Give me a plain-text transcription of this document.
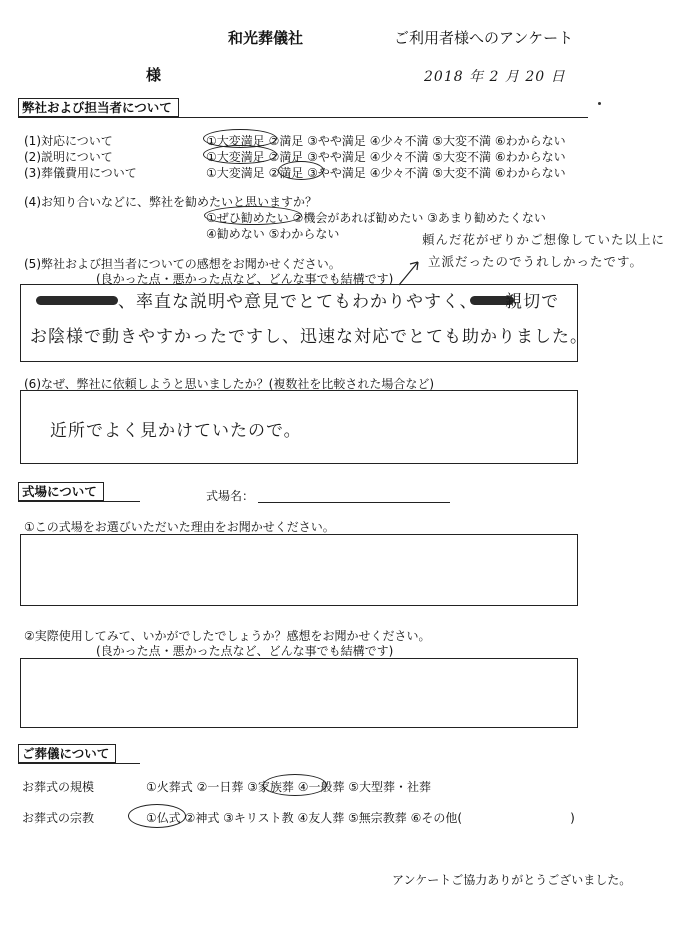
和光葬儀社	ご利用者様へのアンケート
様	2018 年 2 月 20 日
弊社および担当者について
(1)対応について	①大変満足 ②満足 ③やや満足 ④少々不満 ⑤大変不満 ⑥わからない
(2)説明について	①大変満足 ②満足 ③やや満足 ④少々不満 ⑤大変不満 ⑥わからない
(3)葬儀費用について	①大変満足 ②満足 ③やや満足 ④少々不満 ⑤大変不満 ⑥わからない
(4)お知り合いなどに、弊社を勧めたいと思いますか？
①ぜひ勧めたい ②機会があれば勧めたい ③あまり勧めたくない
④勧めない ⑤わからない
(5)弊社および担当者についての感想をお聞かせください。
(良かった点・悪かった点など、どんな事でも結構です)
頼んだ花がぜりかご想像していた以上に
立派だったのでうれしかったです。
、率直な説明や意見でとてもわかりやすく、　　親切で
お陰様で動きやすかったですし、迅速な対応でとても助かりました。
(6)なぜ、弊社に依頼しようと思いましたか？(複数社を比較された場合など)
近所でよく見かけていたので。
式場について	式場名：
①この式場をお選びいただいた理由をお聞かせください。
②実際使用してみて、いかがでしたでしょうか？感想をお聞かせください。
(良かった点・悪かった点など、どんな事でも結構です)
ご葬儀について
お葬式の規模	①火葬式 ②一日葬 ③家族葬 ④一般葬 ⑤大型葬・社葬
お葬式の宗教	①仏式 ②神式 ③キリスト教 ④友人葬 ⑤無宗教葬 ⑥その他(　　　　　　　　　)
アンケートご協力ありがとうございました。
